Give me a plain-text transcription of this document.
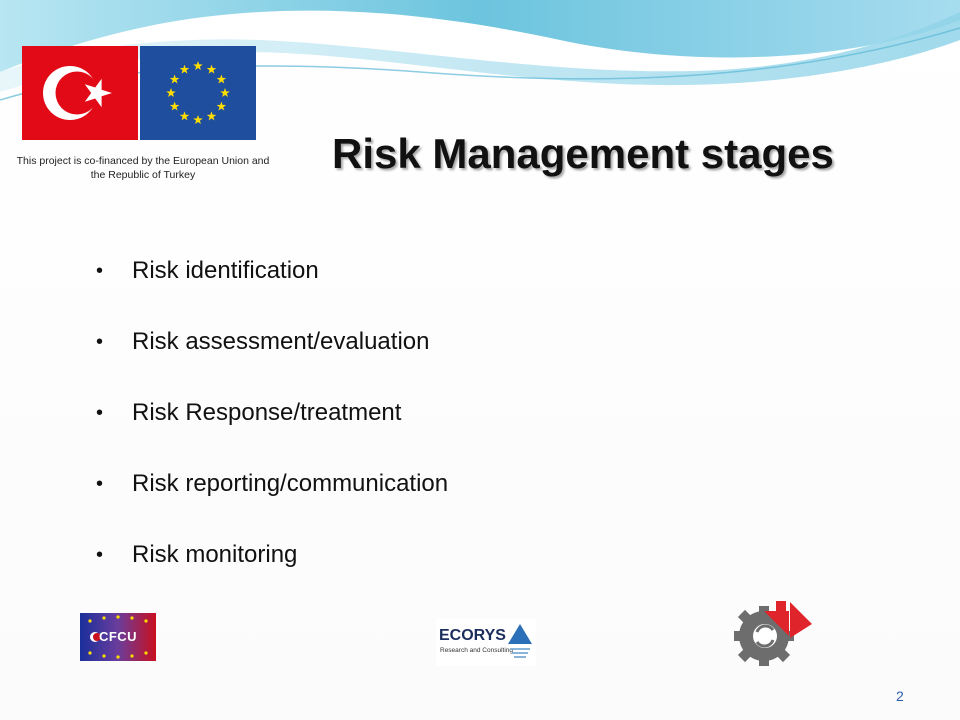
This project is co-financed by the European Union and the Republic of Turkey	Risk Management stages
•	Risk identification
•	Risk assessment/evaluation
•	Risk Response/treatment
•	Risk reporting/communication
•	Risk monitoring
CFCU	ECORYS
Research and Consulting
2
